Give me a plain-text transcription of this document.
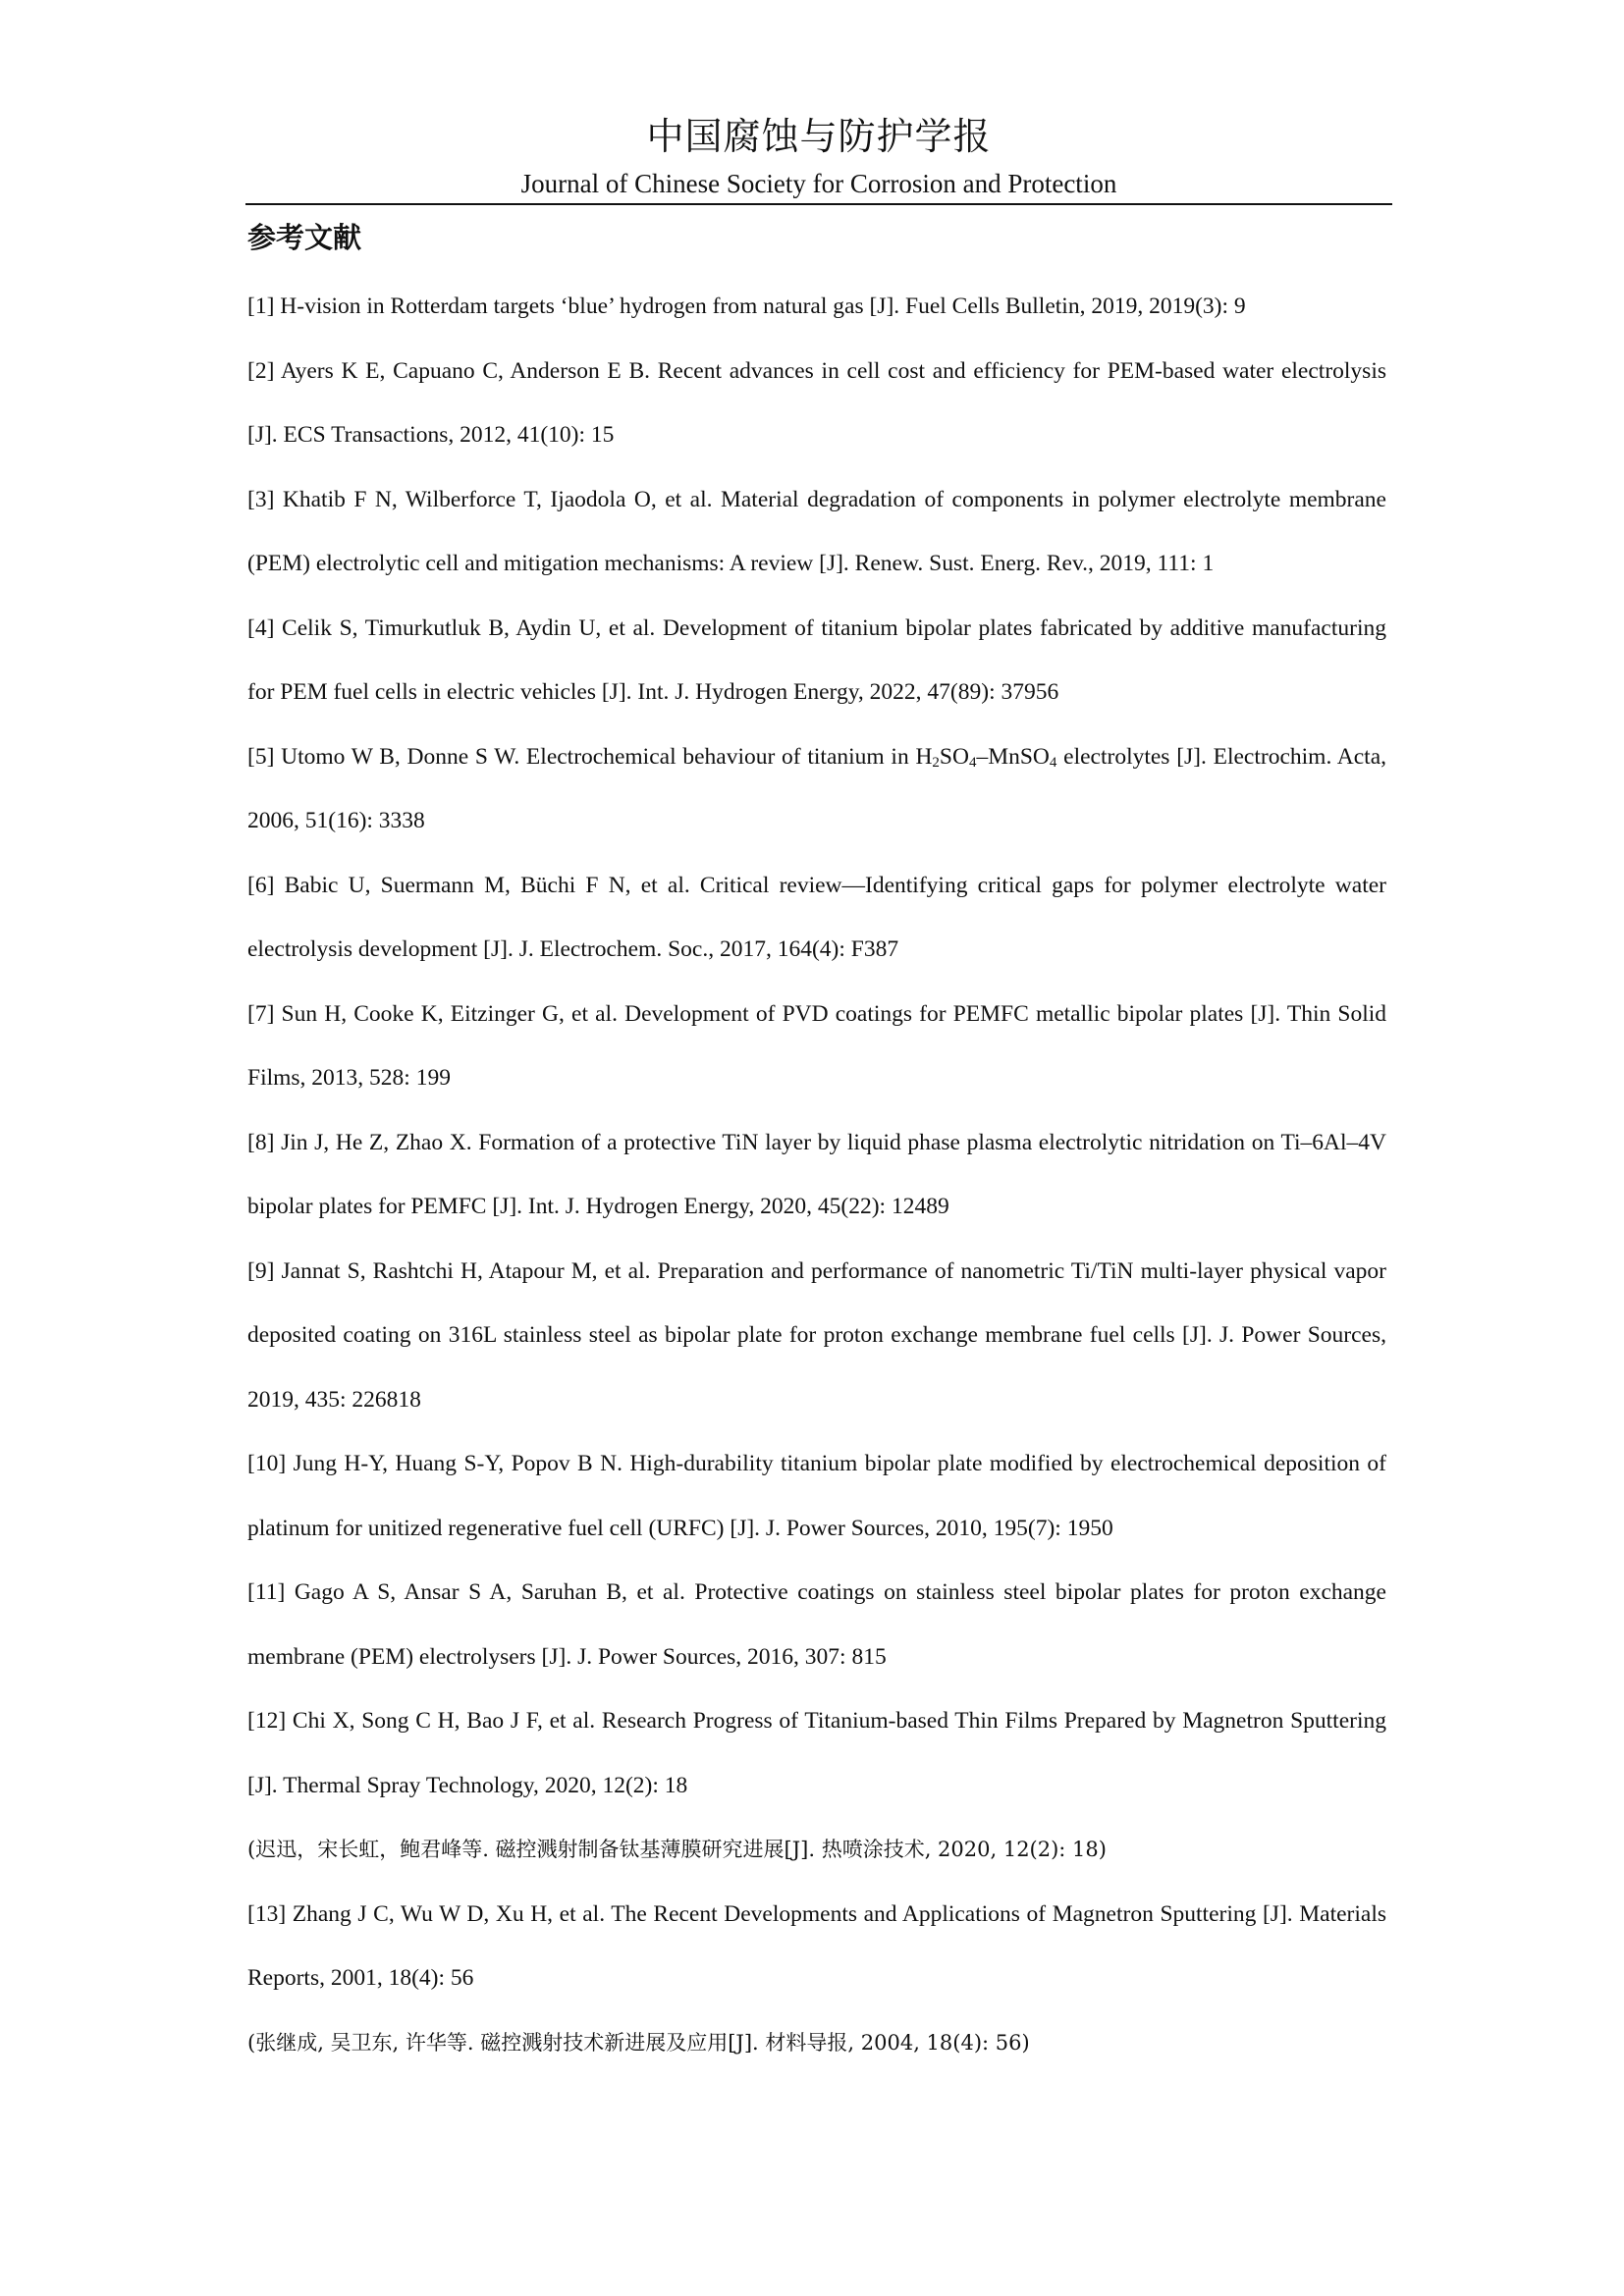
中国腐蚀与防护学报
Journal of Chinese Society for Corrosion and Protection
参考文献

[1] H-vision in Rotterdam targets ‘blue’ hydrogen from natural gas [J]. Fuel Cells Bulletin, 2019, 2019(3): 9

[2] Ayers K E, Capuano C, Anderson E B. Recent advances in cell cost and efficiency for PEM-based water electrolysis [J]. ECS Transactions, 2012, 41(10): 15

[3] Khatib F N, Wilberforce T, Ijaodola O, et al. Material degradation of components in polymer electrolyte membrane (PEM) electrolytic cell and mitigation mechanisms: A review [J]. Renew. Sust. Energ. Rev., 2019, 111: 1

[4] Celik S, Timurkutluk B, Aydin U, et al. Development of titanium bipolar plates fabricated by additive manufacturing for PEM fuel cells in electric vehicles [J]. Int. J. Hydrogen Energy, 2022, 47(89): 37956

[5] Utomo W B, Donne S W. Electrochemical behaviour of titanium in $H_2SO_4-MnSO_4$ electrolytes [J]. Electrochim. Acta, 2006, 51(16): 3338

[6] Babic U, Suermann M, Büchi F N, et al. Critical review—Identifying critical gaps for polymer electrolyte water electrolysis development [J]. J. Electrochem. Soc., 2017, 164(4): F387

[7] Sun H, Cooke K, Eitzinger G, et al. Development of PVD coatings for PEMFC metallic bipolar plates [J]. Thin Solid Films, 2013, 528: 199

[8] Jin J, He Z, Zhao X. Formation of a protective TiN layer by liquid phase plasma electrolytic nitridation on Ti–6Al–4V bipolar plates for PEMFC [J]. Int. J. Hydrogen Energy, 2020, 45(22): 12489

[9] Jannat S, Rashtchi H, Atapour M, et al. Preparation and performance of nanometric Ti/TiN multi-layer physical vapor deposited coating on 316L stainless steel as bipolar plate for proton exchange membrane fuel cells [J]. J. Power Sources, 2019, 435: 226818

[10] Jung H-Y, Huang S-Y, Popov B N. High-durability titanium bipolar plate modified by electrochemical deposition of platinum for unitized regenerative fuel cell (URFC) [J]. J. Power Sources, 2010, 195(7): 1950

[11] Gago A S, Ansar S A, Saruhan B, et al. Protective coatings on stainless steel bipolar plates for proton exchange membrane (PEM) electrolysers [J]. J. Power Sources, 2016, 307: 815

[12] Chi X, Song C H, Bao J F, et al. Research Progress of Titanium-based Thin Films Prepared by Magnetron Sputtering [J]. Thermal Spray Technology, 2020, 12(2): 18

(迟迅，宋长虹，鲍君峰等. 磁控溅射制备钛基薄膜研究进展[J]. 热喷涂技术, 2020, 12(2): 18)

[13] Zhang J C, Wu W D, Xu H, et al. The Recent Developments and Applications of Magnetron Sputtering [J]. Materials Reports, 2001, 18(4): 56

(张继成, 吴卫东, 许华等. 磁控溅射技术新进展及应用[J]. 材料导报, 2004, 18(4): 56)
